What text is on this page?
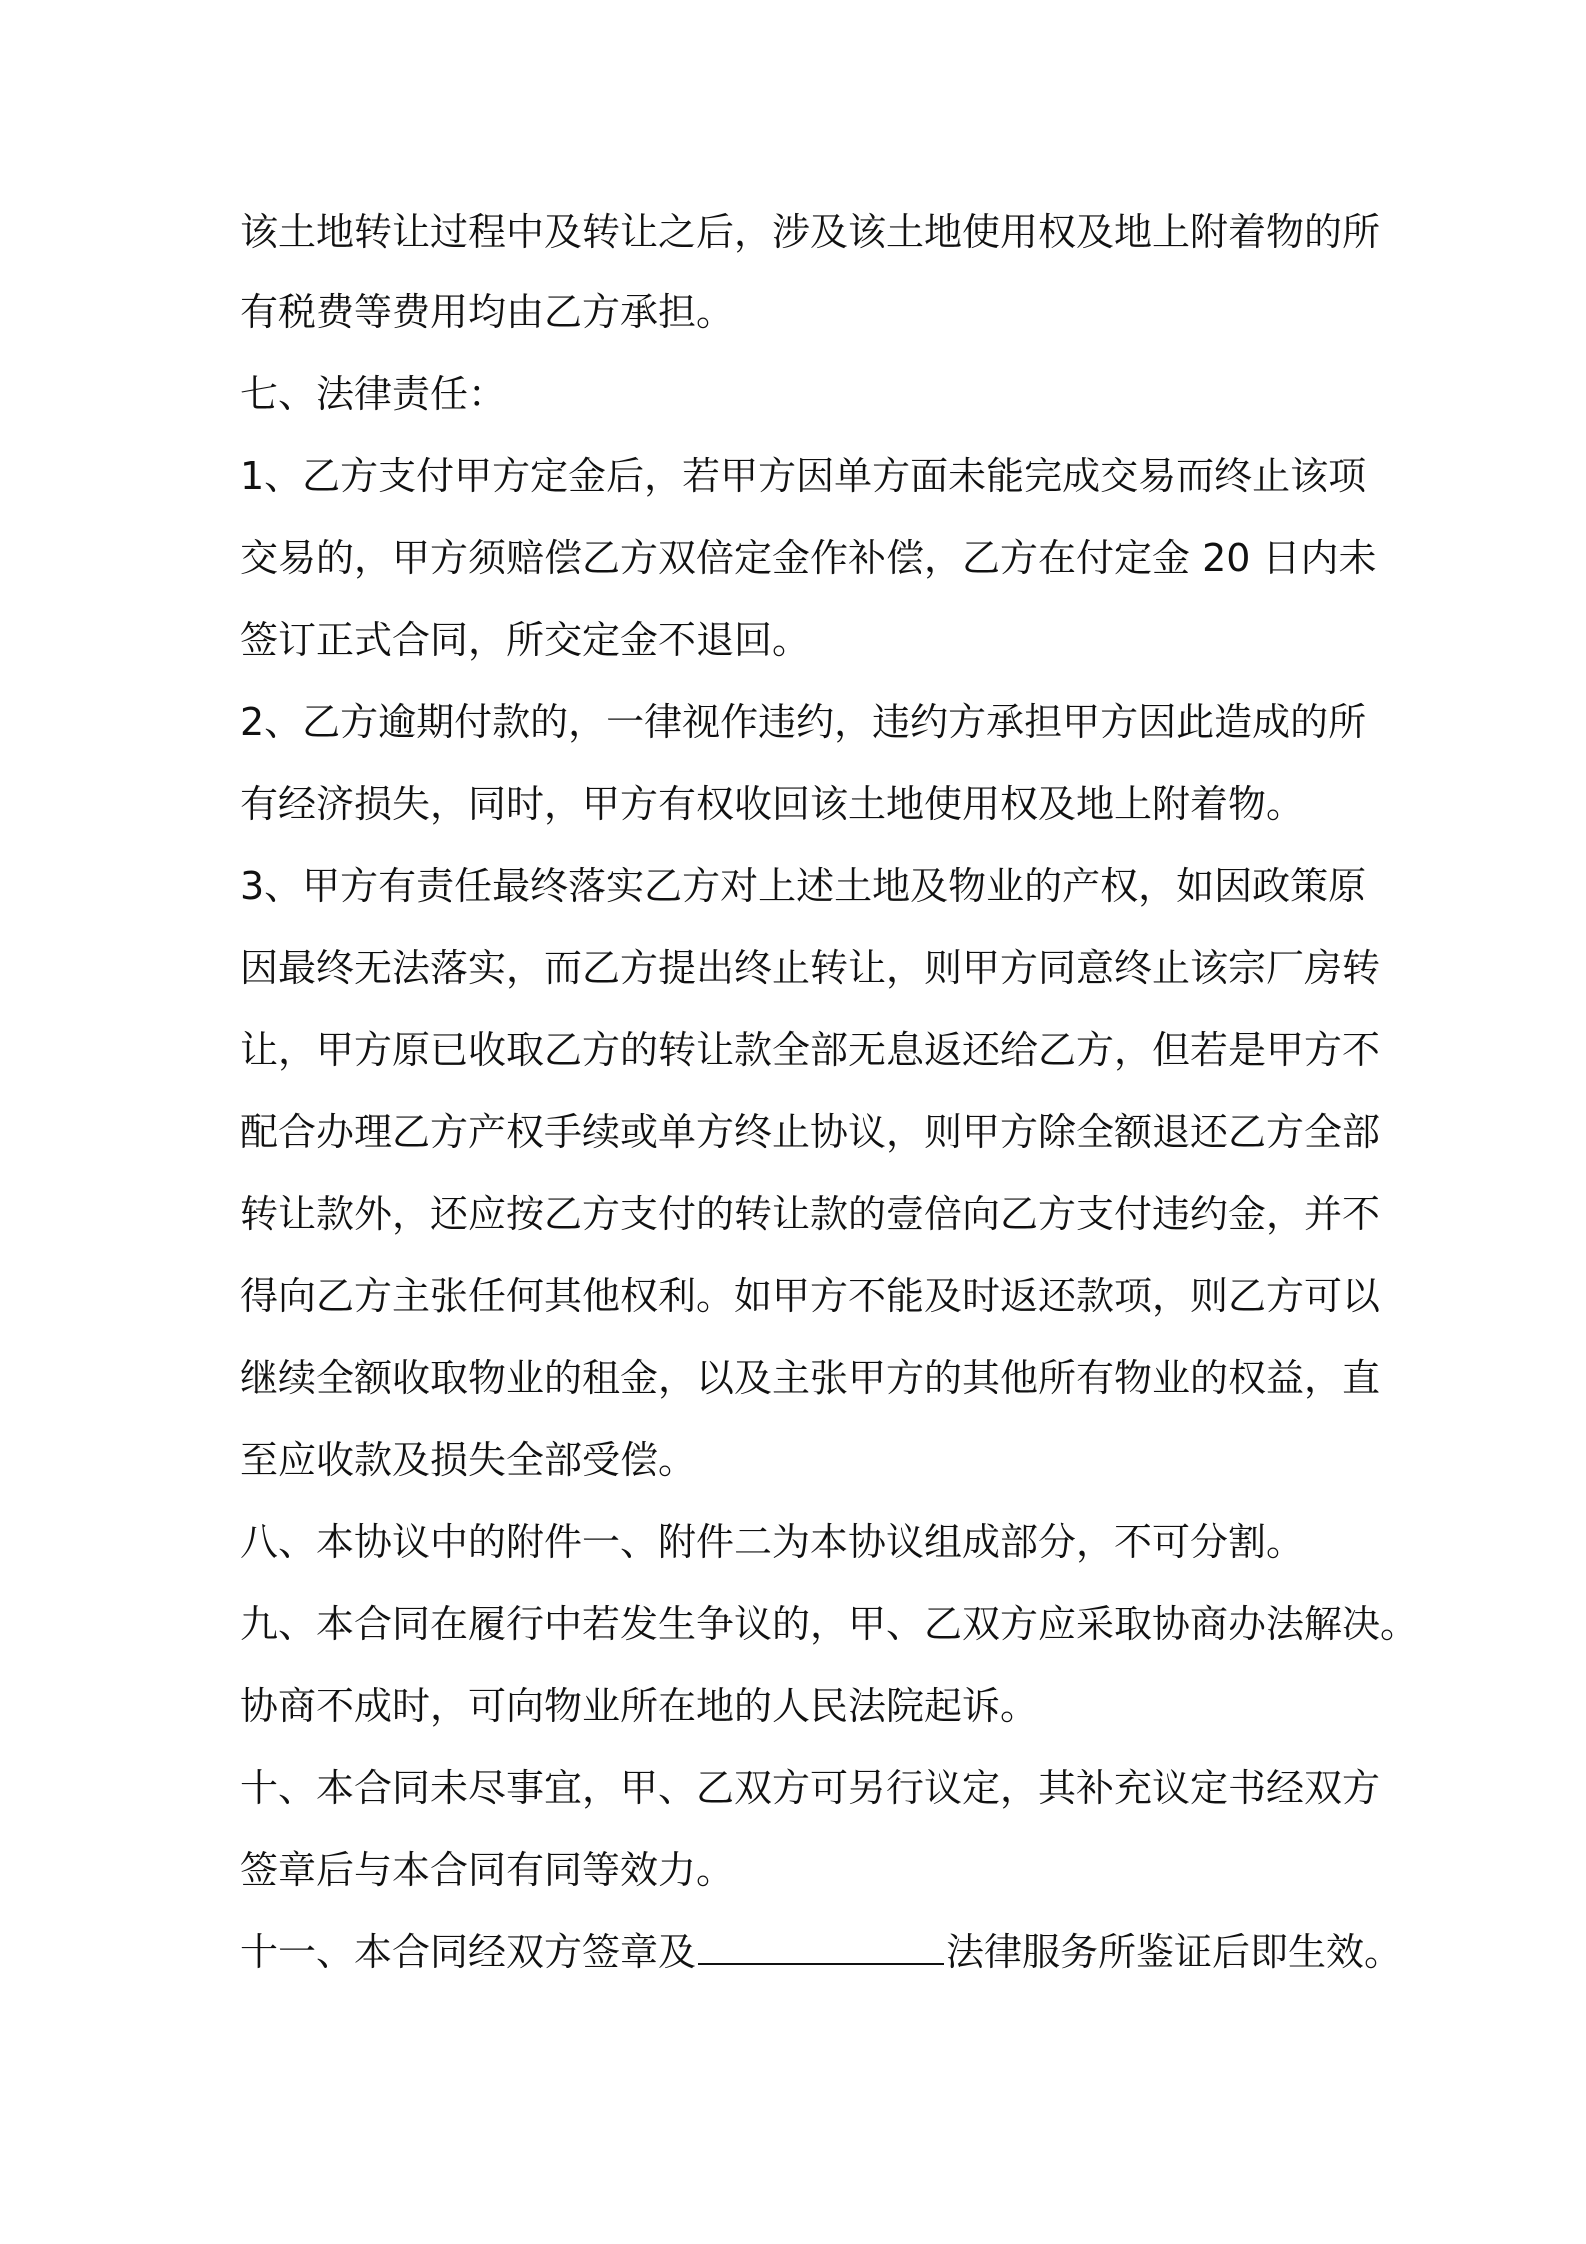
该土地转让过程中及转让之后，涉及该土地使用权及地上附着物的所
有税费等费用均由乙方承担。
七、法律责任：
1、乙方支付甲方定金后，若甲方因单方面未能完成交易而终止该项
交易的，甲方须赔偿乙方双倍定金作补偿，乙方在付定金 20 日内未
签订正式合同，所交定金不退回。
2、乙方逾期付款的，一律视作违约，违约方承担甲方因此造成的所
有经济损失，同时，甲方有权收回该土地使用权及地上附着物。
3、甲方有责任最终落实乙方对上述土地及物业的产权，如因政策原
因最终无法落实，而乙方提出终止转让，则甲方同意终止该宗厂房转
让，甲方原已收取乙方的转让款全部无息返还给乙方，但若是甲方不
配合办理乙方产权手续或单方终止协议，则甲方除全额退还乙方全部
转让款外，还应按乙方支付的转让款的壹倍向乙方支付违约金，并不
得向乙方主张任何其他权利。如甲方不能及时返还款项，则乙方可以
继续全额收取物业的租金，以及主张甲方的其他所有物业的权益，直
至应收款及损失全部受偿。
八、本协议中的附件一、附件二为本协议组成部分，不可分割。
九、本合同在履行中若发生争议的，甲、乙双方应采取协商办法解决。
协商不成时，可向物业所在地的人民法院起诉。
十、本合同未尽事宜，甲、乙双方可另行议定，其补充议定书经双方
签章后与本合同有同等效力。
十一、本合同经双方签章及	法律服务所鉴证后即生效。
